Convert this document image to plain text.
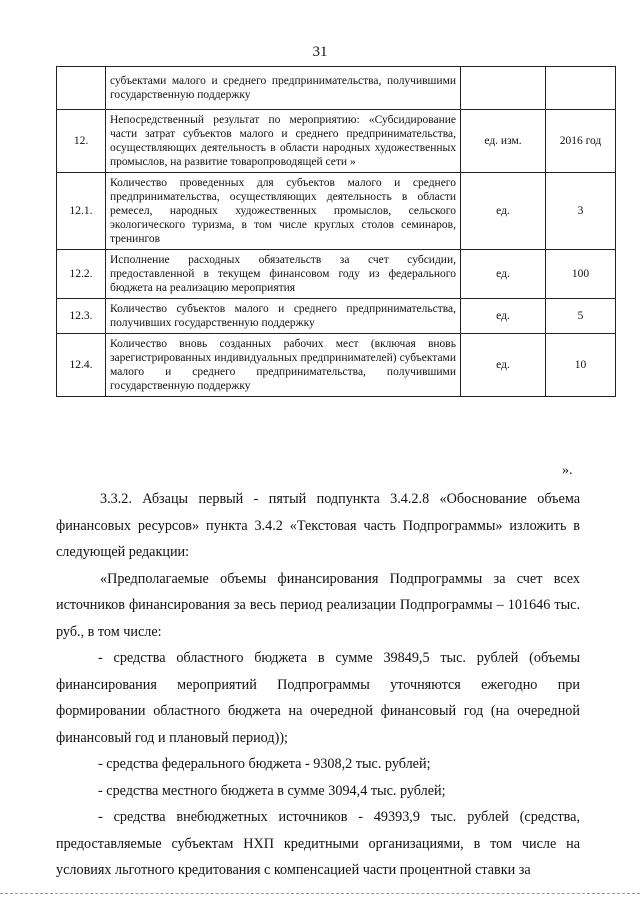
31
	субъектами малого и среднего предпринимательства, получившими государственную поддержку		
12.	Непосредственный результат по мероприятию: «Субсидирование части затрат субъектов малого и среднего предпринимательства, осуществляющих деятельность в области народных художественных промыслов, на развитие товаропроводящей сети »	ед. изм.	2016 год
12.1.	Количество проведенных для субъектов малого и среднего предпринимательства, осуществляющих деятельность в области ремесел, народных художественных промыслов, сельского экологического туризма, в том числе круглых столов семинаров, тренингов	ед.	3
12.2.	Исполнение расходных обязательств за счет субсидии, предоставленной в текущем финансовом году из федерального бюджета на реализацию мероприятия	ед.	100
12.3.	Количество субъектов малого и среднего предпринимательства, получивших государственную поддержку	ед.	5
12.4.	Количество вновь созданных рабочих мест (включая вновь зарегистрированных индивидуальных предпринимателей) субъектами малого и среднего предпринимательства, получившими государственную поддержку	ед.	10
».

3.3.2. Абзацы первый - пятый подпункта 3.4.2.8 «Обоснование объема финансовых ресурсов» пункта 3.4.2 «Текстовая часть Подпрограммы» изложить в следующей редакции:

«Предполагаемые объемы финансирования Подпрограммы за счет всех источников финансирования за весь период реализации Подпрограммы – 101646 тыс. руб., в том числе:

- средства областного бюджета в сумме 39849,5 тыс. рублей (объемы финансирования мероприятий Подпрограммы уточняются ежегодно при формировании областного бюджета на очередной финансовый год (на очередной финансовый год и плановый период));

- средства федерального бюджета - 9308,2 тыс. рублей;

- средства местного бюджета в сумме 3094,4 тыс. рублей;

- средства внебюджетных источников - 49393,9 тыс. рублей (средства, предоставляемые субъектам НХП кредитными организациями, в том числе на условиях льготного кредитования с компенсацией части процентной ставки за
